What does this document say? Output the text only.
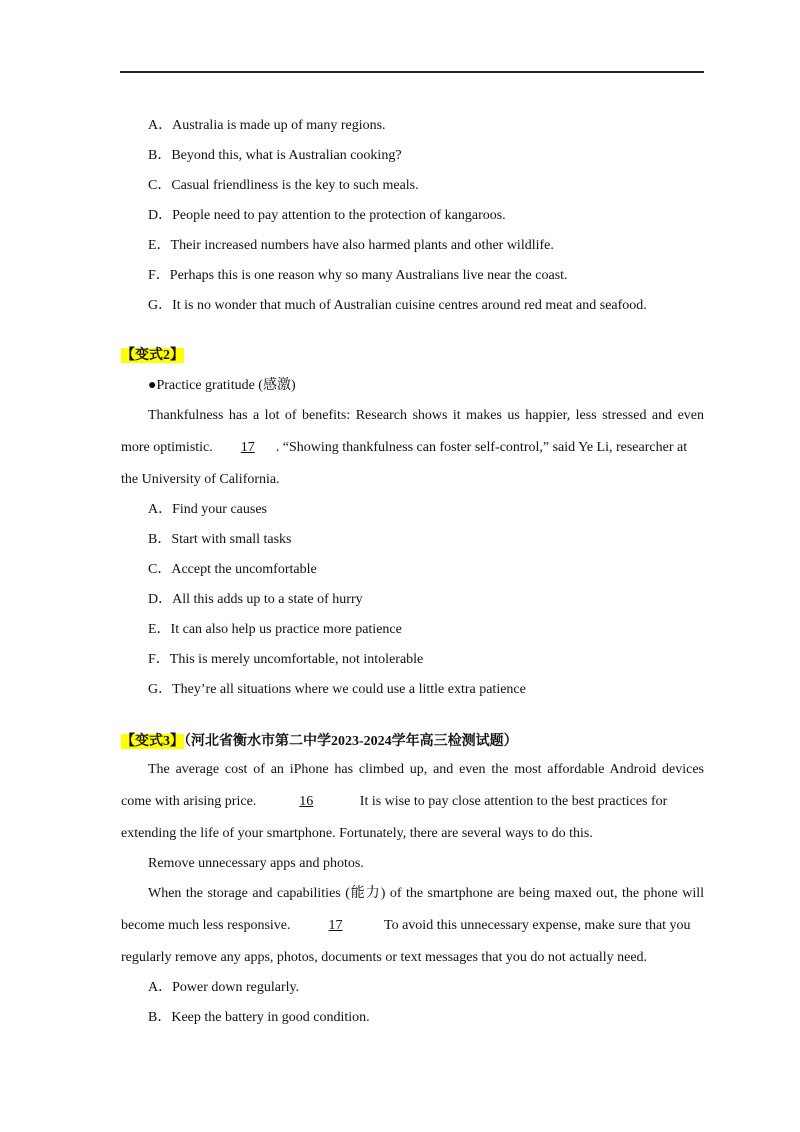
A．Australia is made up of many regions.
B．Beyond this, what is Australian cooking?
C．Casual friendliness is the key to such meals.
D．People need to pay attention to the protection of kangaroos.
E．Their increased numbers have also harmed plants and other wildlife.
F．Perhaps this is one reason why so many Australians live near the coast.
G．It is no wonder that much of Australian cuisine centres around red meat and seafood.
【变式2】
●Practice gratitude (感激)
Thankfulness has a lot of benefits: Research shows it makes us happier, less stressed and even
more optimistic. 17 . “Showing thankfulness can foster self-control,” said Ye Li, researcher at
the University of California.
A．Find your causes
B．Start with small tasks
C．Accept the uncomfortable
D．All this adds up to a state of hurry
E．It can also help us practice more patience
F．This is merely uncomfortable, not intolerable
G．They’re all situations where we could use a little extra patience
【变式3】（河北省衡水市第二中学2023-2024学年高三检测试题）
The average cost of an iPhone has climbed up, and even the most affordable Android devices
come with arising price.	16	It is wise to pay close attention to the best practices for
extending the life of your smartphone. Fortunately, there are several ways to do this.
Remove unnecessary apps and photos.
When the storage and capabilities (能力) of the smartphone are being maxed out, the phone will
become much less responsive.	17	To avoid this unnecessary expense, make sure that you
regularly remove any apps, photos, documents or text messages that you do not actually need.
A．Power down regularly.
B．Keep the battery in good condition.
